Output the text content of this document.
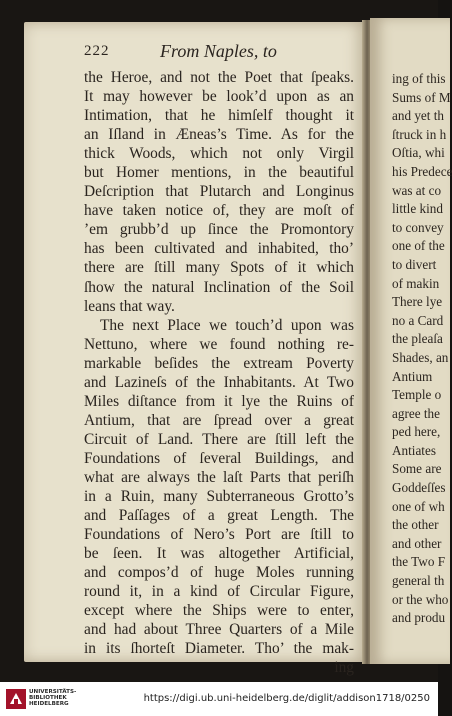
222	From Naples, to
the Heroe, and not the Poet that ſpeaks.
It may however be look’d upon as an
Intimation, that he himſelf thought it
an Iſland in Æneas’s Time. As for the
thick Woods, which not only Virgil
but Homer mentions, in the beautiful
Deſcription that Plutarch and Longinus
have taken notice of, they are moſt of
’em grubb’d up ſince the Promontory
has been cultivated and inhabited, tho’
there are ſtill many Spots of it which
ſhow the natural Inclination of the Soil
leans that way.
The next Place we touch’d upon was
Nettuno, where we found nothing re-
markable beſides the extream Poverty
and Lazineſs of the Inhabitants. At Two
Miles diſtance from it lye the Ruins of
Antium, that are ſpread over a great
Circuit of Land. There are ſtill left the
Foundations of ſeveral Buildings, and
what are always the laſt Parts that periſh
in a Ruin, many Subterraneous Grotto’s
and Paſſages of a great Length. The
Foundations of Nero’s Port are ſtill to
be ſeen. It was altogether Artificial,
and compos’d of huge Moles running
round it, in a kind of Circular Figure,
except where the Ships were to enter,
and had about Three Quarters of a Mile
in its ſhorteſt Diameter. Tho’ the mak-
ing
ing of this
Sums of M
and yet th
ſtruck in h
Oſtia, whi
his Predece
was at co
little kind
to convey
one of the
to divert
of makin
There lye
no a Card
the pleaſa
Shades, an
Antium
Temple o
agree the
ped here,
Antiates
Some are
Goddeſſes
one of wh
the other
and other
the Two F
general th
or the who
and produ
UNIVERSITÄTS-
BIBLIOTHEK
HEIDELBERG
https://digi.ub.uni-heidelberg.de/diglit/addison1718/0250
